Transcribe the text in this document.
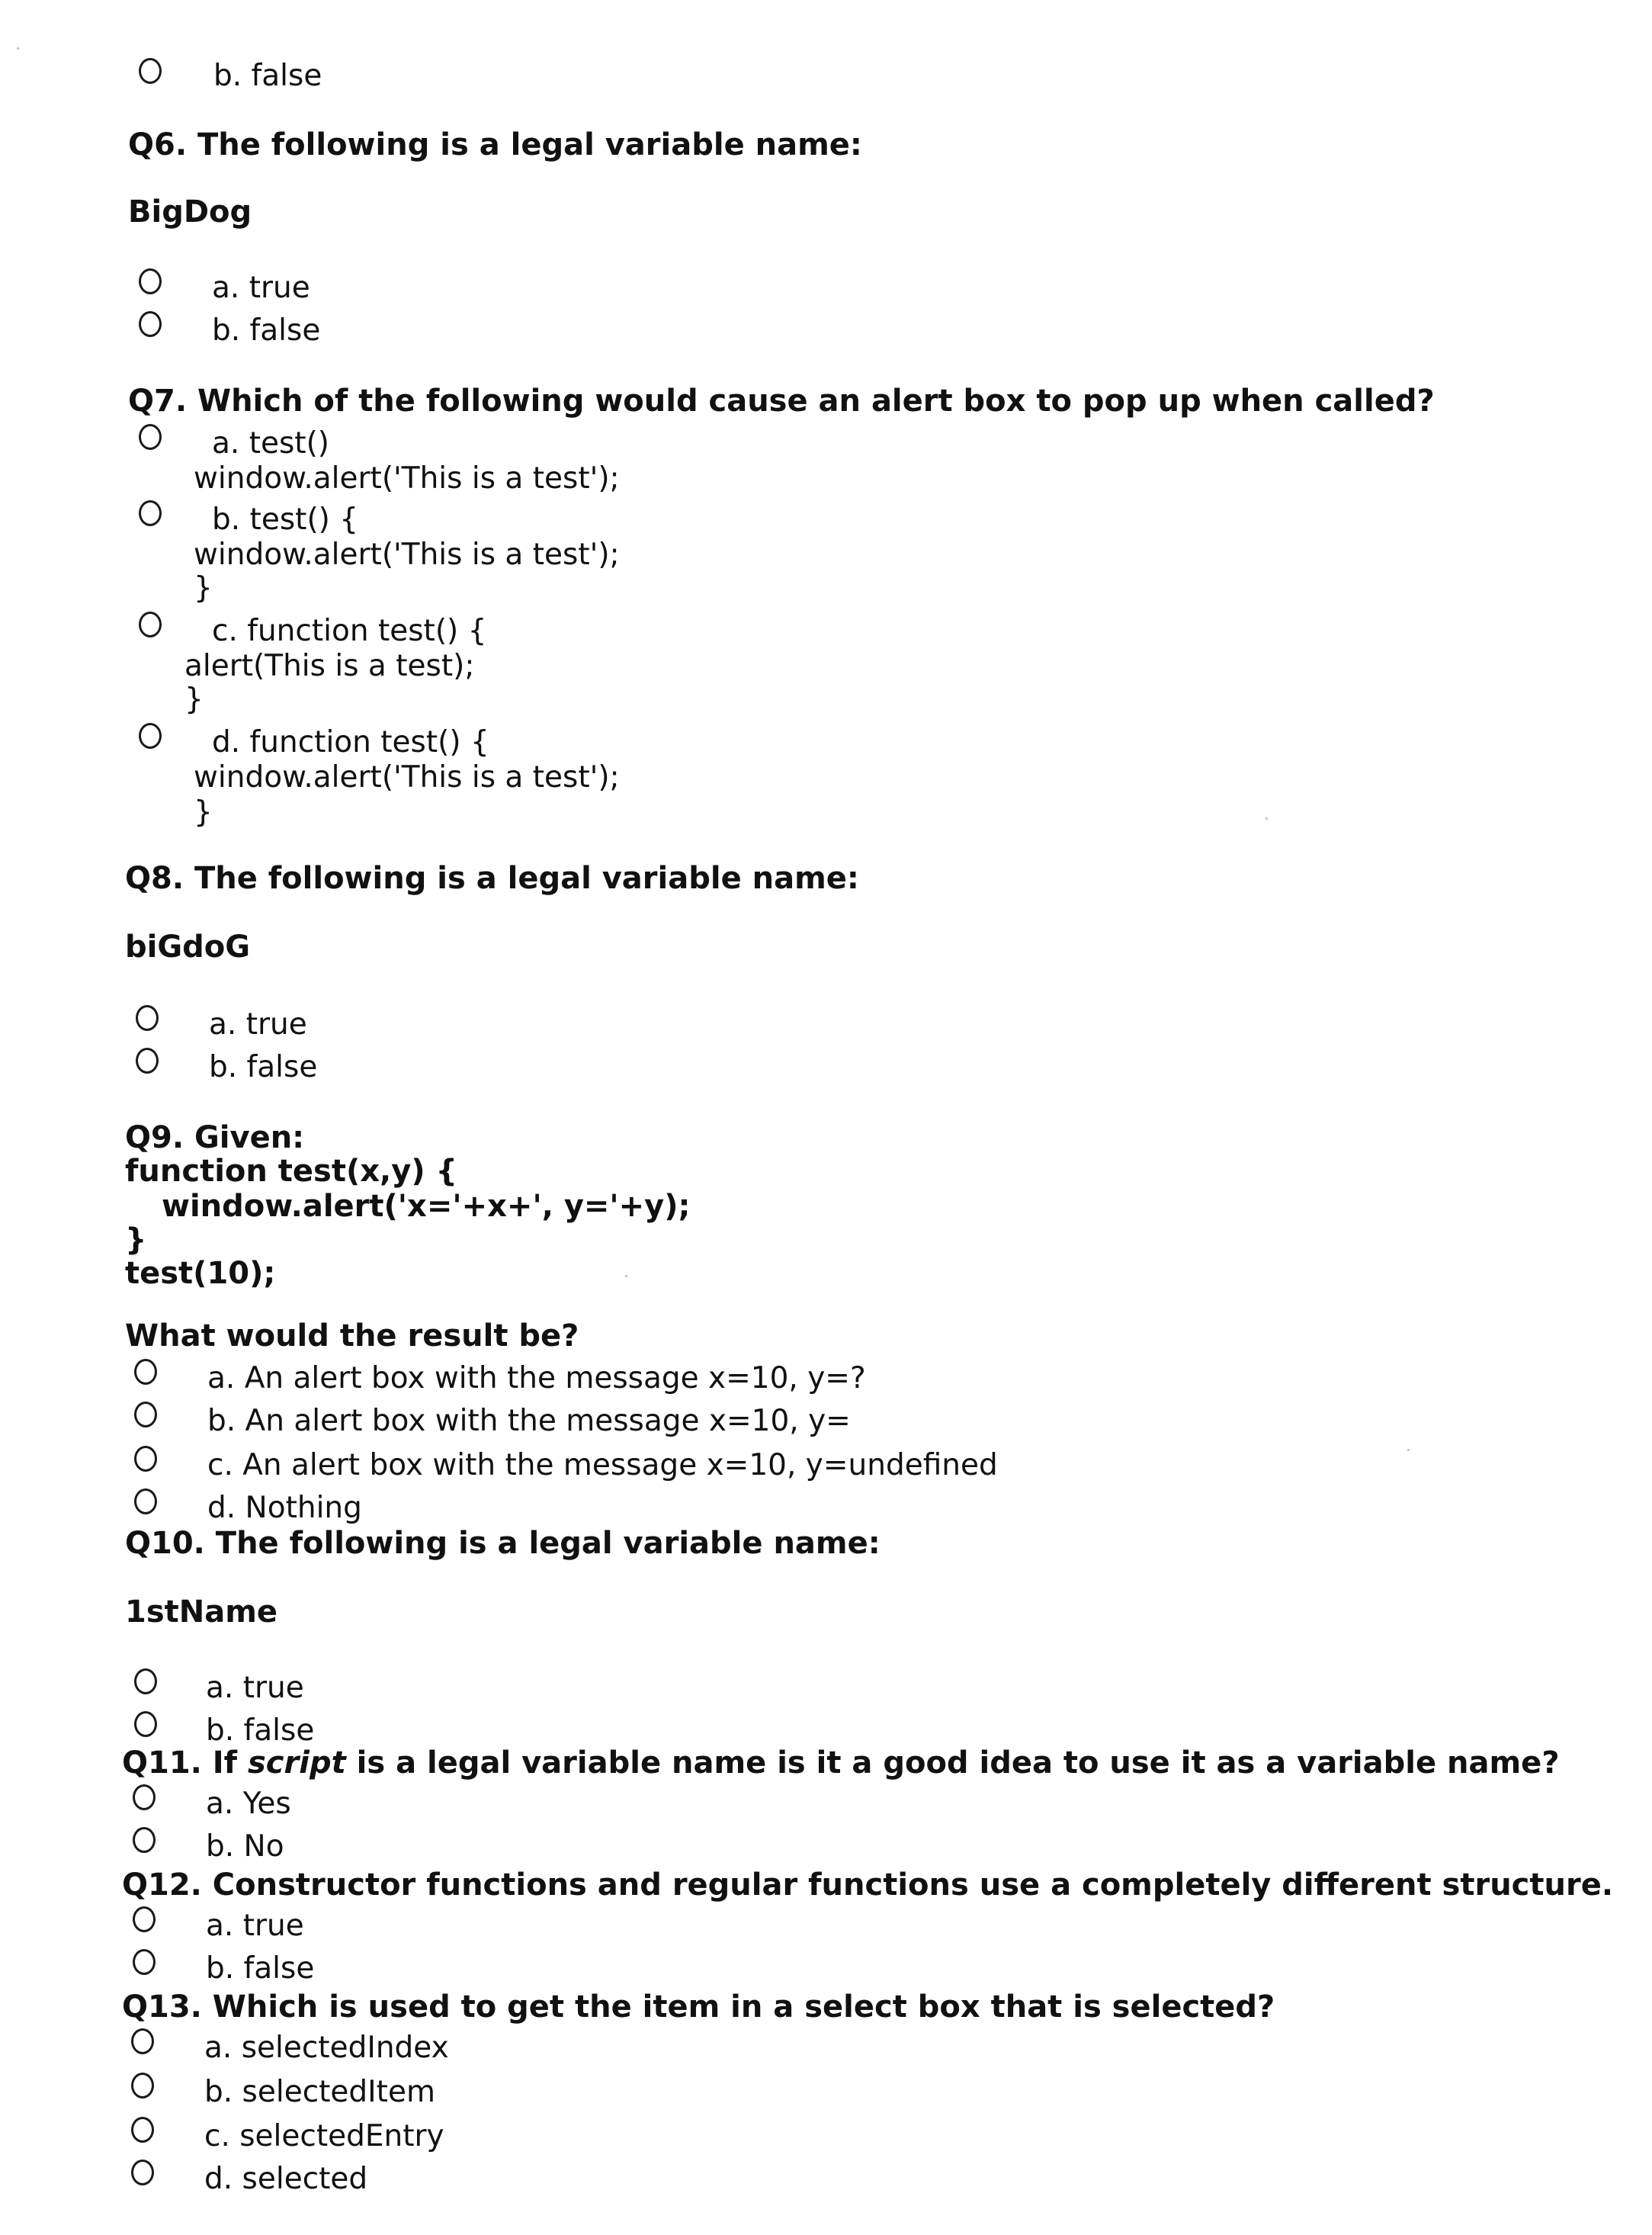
b. false
Q6. The following is a legal variable name:
BigDog
a. true
b. false
Q7. Which of the following would cause an alert box to pop up when called?
a. test()
window.alert('This is a test');
b. test() {
window.alert('This is a test');
}
c. function test() {
alert(This is a test);
}
d. function test() {
window.alert('This is a test');
}
Q8. The following is a legal variable name:
biGdoG
a. true
b. false
Q9. Given:
function test(x,y) {
window.alert('x='+x+', y='+y);
}
test(10);
What would the result be?
a. An alert box with the message x=10, y=?
b. An alert box with the message x=10, y=
c. An alert box with the message x=10, y=undefined
d. Nothing
Q10. The following is a legal variable name:
1stName
a. true
b. false
Q11. If script is a legal variable name is it a good idea to use it as a variable name?
a. Yes
b. No
Q12. Constructor functions and regular functions use a completely different structure.
a. true
b. false
Q13. Which is used to get the item in a select box that is selected?
a. selectedIndex
b. selectedItem
c. selectedEntry
d. selected
